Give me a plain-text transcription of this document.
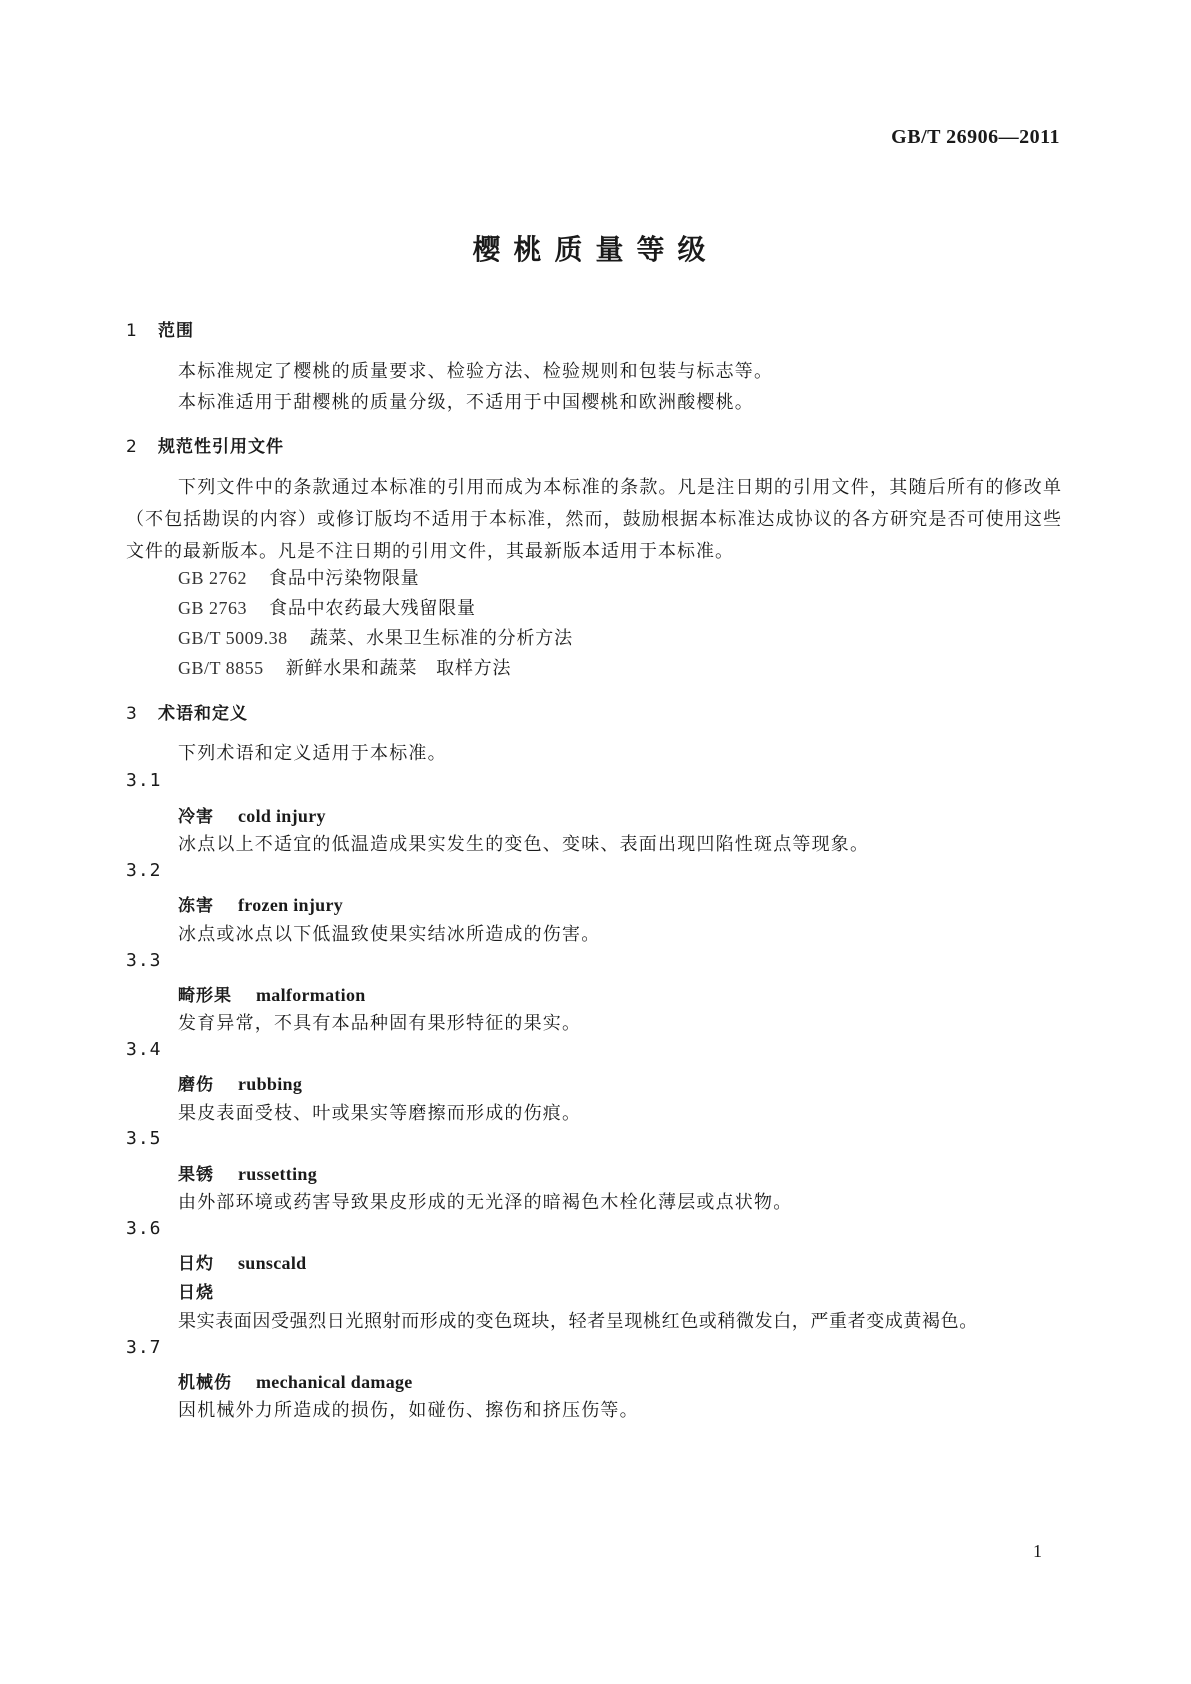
GB/T 26906—2011
樱桃质量等级
1 范围
本标准规定了樱桃的质量要求、检验方法、检验规则和包装与标志等。
本标准适用于甜樱桃的质量分级，不适用于中国樱桃和欧洲酸樱桃。
2 规范性引用文件
下列文件中的条款通过本标准的引用而成为本标准的条款。凡是注日期的引用文件，其随后所有的修改单（不包括勘误的内容）或修订版均不适用于本标准，然而，鼓励根据本标准达成协议的各方研究是否可使用这些文件的最新版本。凡是不注日期的引用文件，其最新版本适用于本标准。
GB 2762 食品中污染物限量
GB 2763 食品中农药最大残留限量
GB/T 5009.38 蔬菜、水果卫生标准的分析方法
GB/T 8855 新鲜水果和蔬菜　取样方法
3 术语和定义
下列术语和定义适用于本标准。
3.1
冷害 cold injury
冰点以上不适宜的低温造成果实发生的变色、变味、表面出现凹陷性斑点等现象。
3.2
冻害 frozen injury
冰点或冰点以下低温致使果实结冰所造成的伤害。
3.3
畸形果 malformation
发育异常，不具有本品种固有果形特征的果实。
3.4
磨伤 rubbing
果皮表面受枝、叶或果实等磨擦而形成的伤痕。
3.5
果锈 russetting
由外部环境或药害导致果皮形成的无光泽的暗褐色木栓化薄层或点状物。
3.6
日灼 sunscald
日烧
果实表面因受强烈日光照射而形成的变色斑块，轻者呈现桃红色或稍微发白，严重者变成黄褐色。
3.7
机械伤 mechanical damage
因机械外力所造成的损伤，如碰伤、擦伤和挤压伤等。
1
